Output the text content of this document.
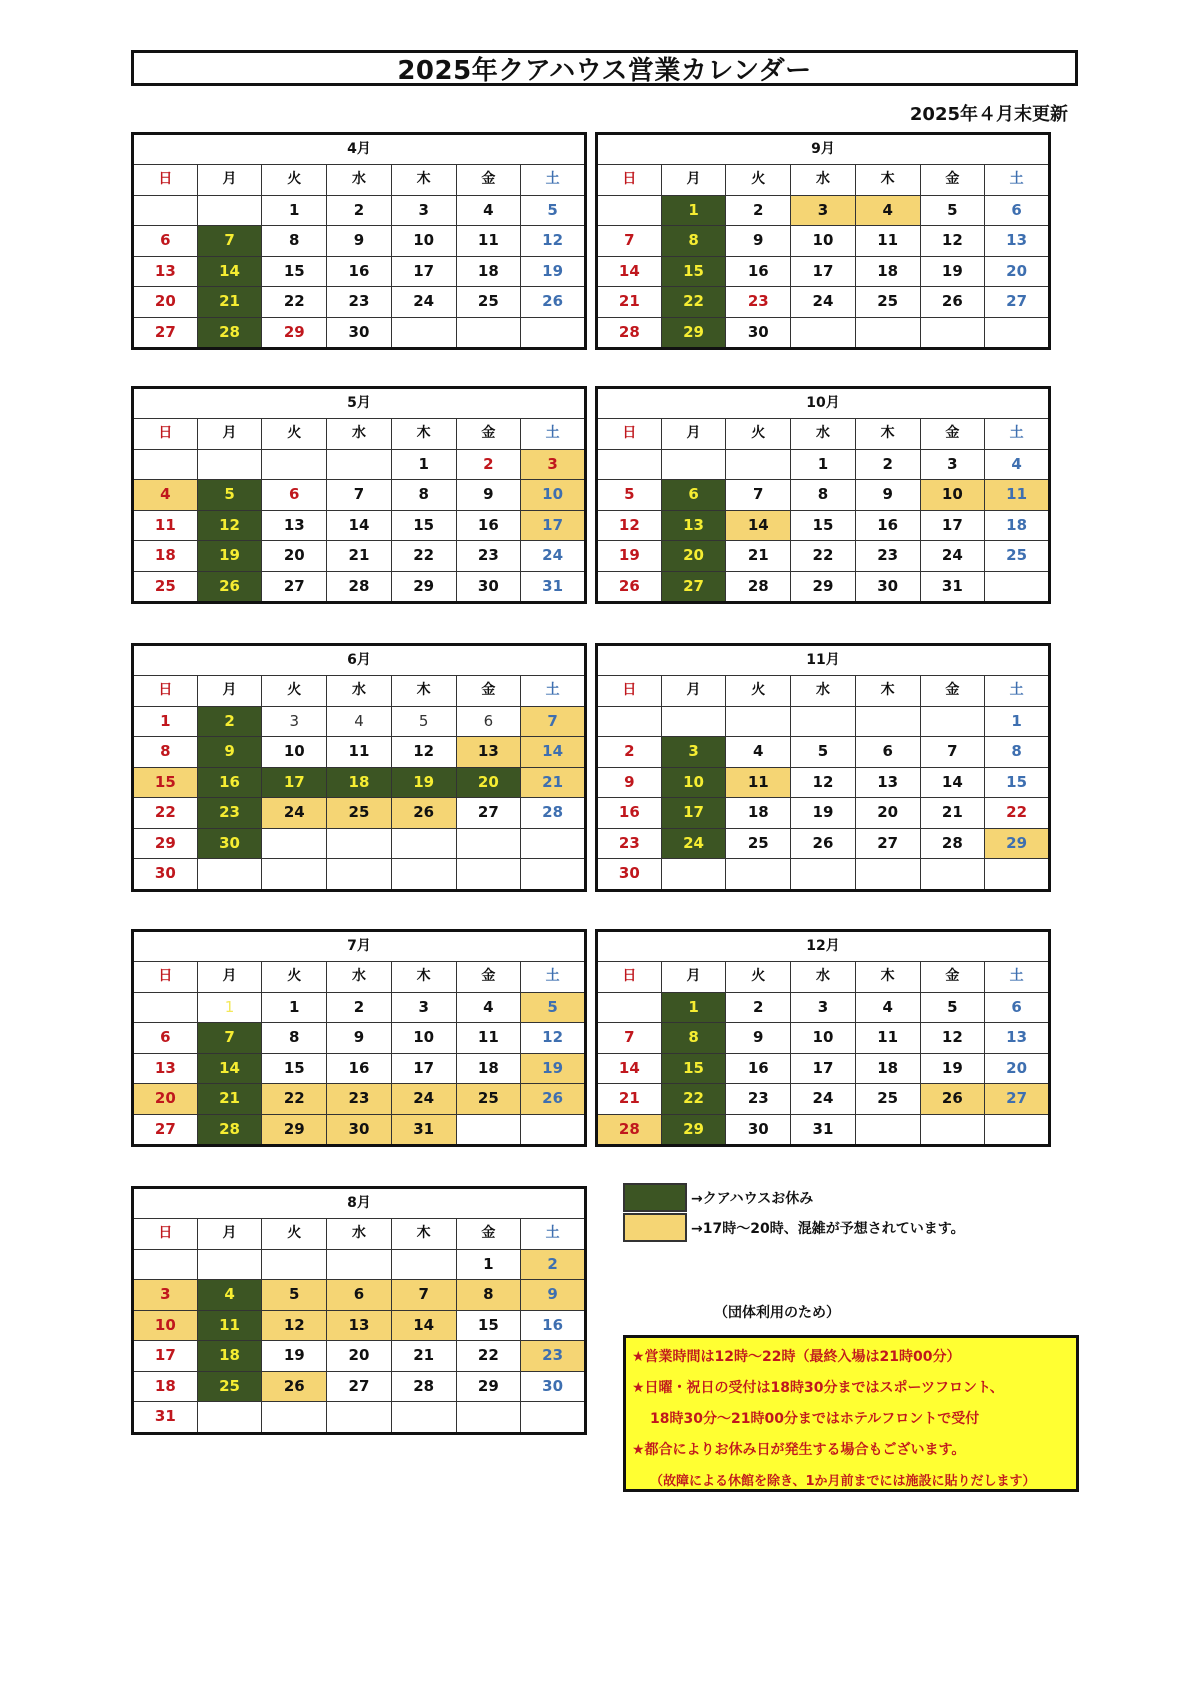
2025年クアハウス営業カレンダー
2025年４月末更新
4月						
日	月	火	水	木	金	土
		1	2	3	4	5
6	7	8	9	10	11	12
13	14	15	16	17	18	19
20	21	22	23	24	25	26
27	28	29	30			
5月						
日	月	火	水	木	金	土
				1	2	3
4	5	6	7	8	9	10
11	12	13	14	15	16	17
18	19	20	21	22	23	24
25	26	27	28	29	30	31
6月						
日	月	火	水	木	金	土
1	2	3	4	5	6	7
8	9	10	11	12	13	14
15	16	17	18	19	20	21
22	23	24	25	26	27	28
29	30					
30						
7月						
日	月	火	水	木	金	土
	1	1	2	3	4	5
6	7	8	9	10	11	12
13	14	15	16	17	18	19
20	21	22	23	24	25	26
27	28	29	30	31		
8月						
日	月	火	水	木	金	土
					1	2
3	4	5	6	7	8	9
10	11	12	13	14	15	16
17	18	19	20	21	22	23
18	25	26	27	28	29	30
31						
9月						
日	月	火	水	木	金	土
	1	2	3	4	5	6
7	8	9	10	11	12	13
14	15	16	17	18	19	20
21	22	23	24	25	26	27
28	29	30				
10月						
日	月	火	水	木	金	土
			1	2	3	4
5	6	7	8	9	10	11
12	13	14	15	16	17	18
19	20	21	22	23	24	25
26	27	28	29	30	31	
11月						
日	月	火	水	木	金	土
						1
2	3	4	5	6	7	8
9	10	11	12	13	14	15
16	17	18	19	20	21	22
23	24	25	26	27	28	29
30						
12月						
日	月	火	水	木	金	土
	1	2	3	4	5	6
7	8	9	10	11	12	13
14	15	16	17	18	19	20
21	22	23	24	25	26	27
28	29	30	31			
→クアハウスお休み
→17時～20時、混雑が予想されています。
（団体利用のため）
★営業時間は12時～22時（最終入場は21時00分）
★日曜・祝日の受付は18時30分まではスポーツフロント、
18時30分～21時00分まではホテルフロントで受付
★都合によりお休み日が発生する場合もございます。
（故障による休館を除き、1か月前までには施設に貼りだします）
